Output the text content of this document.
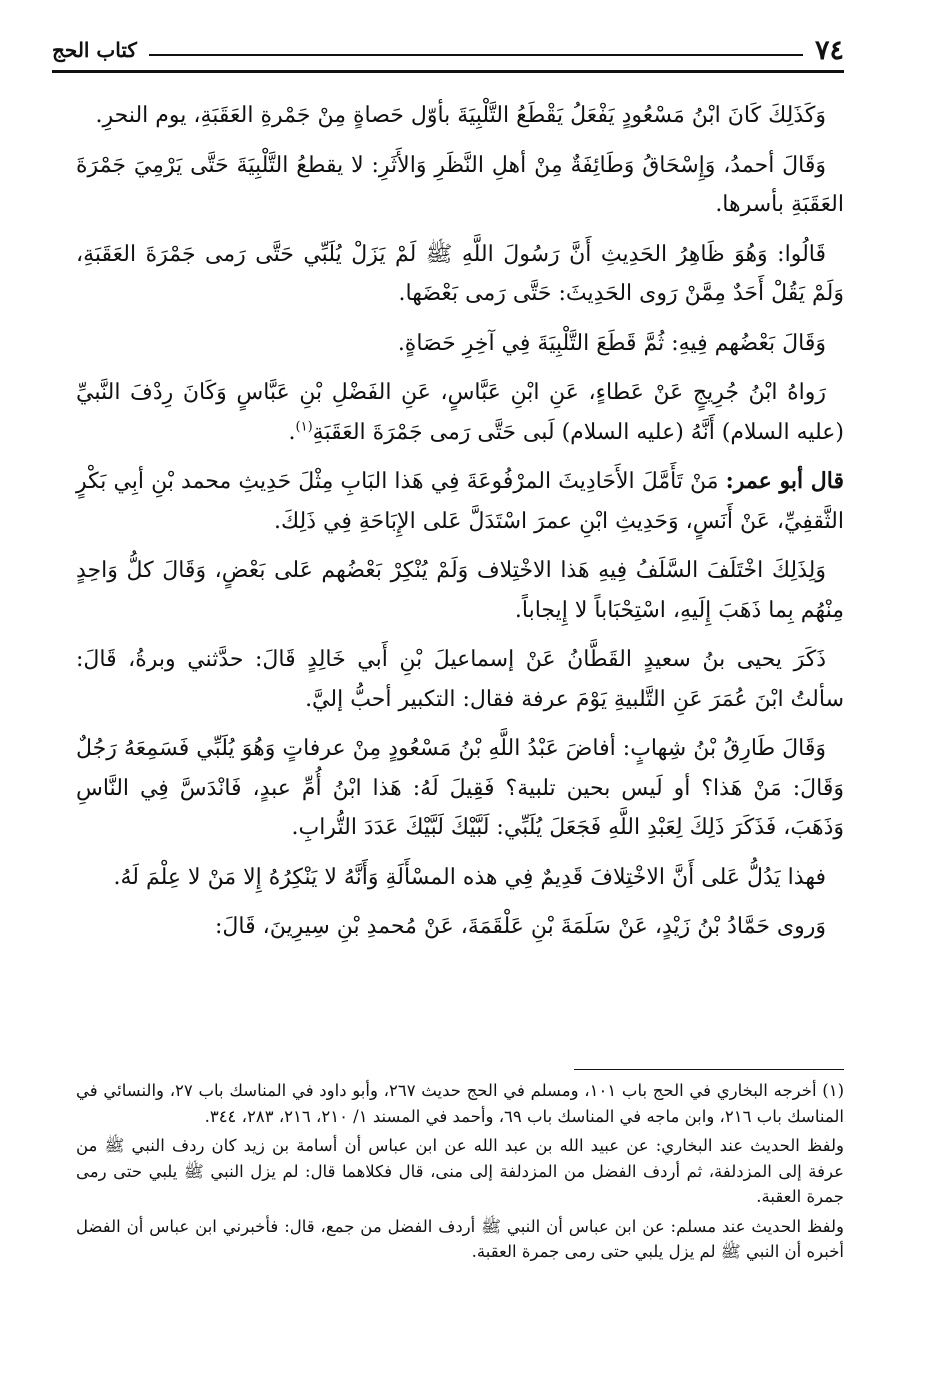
٧٤
كتاب الحج

وَكَذَلِكَ كَانَ ابْنُ مَسْعُودٍ يَفْعَلُ يَقْطَعُ التَّلْبِيَةَ بأوّل حَصاةٍ مِنْ جَمْرةِ العَقَبَةِ، يوم النحرِ.

وَقَالَ أحمدُ، وَإِسْحَاقُ وَطَائِفَةٌ مِنْ أهلِ النَّظَرِ وَالأَثَرِ: لا يقطعُ التَّلْبِيَةَ حَتَّى يَرْمِيَ جَمْرَةَ العَقَبَةِ بأسرها.

قَالُوا: وَهُوَ ظَاهِرُ الحَدِيثِ أَنَّ رَسُولَ اللَّهِ ﷺ لَمْ يَزَلْ يُلَبِّي حَتَّى رَمى جَمْرَةَ العَقَبَةِ، وَلَمْ يَقُلْ أَحَدٌ مِمَّنْ رَوى الحَدِيثَ: حَتَّى رَمى بَعْضَها.

وَقَالَ بَعْضُهم فِيهِ: ثُمَّ قَطَعَ التَّلْبِيَةَ فِي آخِرِ حَصَاةٍ.

رَواهُ ابْنُ جُرِيجٍ عَنْ عَطاءٍ، عَنِ ابْنِ عَبَّاسٍ، عَنِ الفَضْلِ بْنِ عَبَّاسٍ وَكَانَ رِدْفَ النَّبيِّ (عليه السلام) أَنَّهُ (عليه السلام) لَبى حَتَّى رَمى جَمْرَةَ العَقَبَةِ$^{(١)}$.

قال أبو عمر: مَنْ تَأَمَّلَ الأَحَادِيثَ المرْفُوعَةَ فِي هَذا البَابِ مِثْلَ حَدِيثِ محمد بْنِ أبِي بَكْرٍ الثَّقفِيِّ، عَنْ أَنَسٍ، وَحَدِيثِ ابْنِ عمرَ اسْتَدَلَّ عَلى الإِبَاحَةِ فِي ذَلِكَ.

وَلِذَلِكَ اخْتَلَفَ السَّلَفُ فِيهِ هَذا الاخْتِلاف وَلَمْ يُنْكِرْ بَعْضُهم عَلى بَعْضٍ، وَقَالَ كلُّ وَاحِدٍ مِنْهُم بِما ذَهَبَ إِلَيهِ، اسْتِحْبَاباً لا إِيجاباً.

ذَكَرَ يحيى بنُ سعيدٍ القَطَّانُ عَنْ إسماعيلَ بْنِ أَبي خَالِدٍ قَالَ: حدَّثني وبرةُ، قَالَ: سألتُ ابْنَ عُمَرَ عَنِ التَّلبيةِ يَوْمَ عرفة فقال: التكبير أحبُّ إليَّ.

وَقَالَ طَارِقُ بْنُ شِهابٍ: أفاضَ عَبْدُ اللَّهِ بْنُ مَسْعُودٍ مِنْ عرفاتٍ وَهُوَ يُلَبِّي فَسَمِعَهُ رَجُلٌ وَقَالَ: مَنْ هَذا؟ أو لَيس بحين تلبية؟ فَقِيلَ لَهُ: هَذا ابْنُ أُمِّ عبدٍ، فَانْدَسَّ فِي النَّاسِ وَذَهَبَ، فَذَكَرَ ذَلِكَ لِعَبْدِ اللَّهِ فَجَعَلَ يُلَبِّي: لَبَّيْكَ لَبَّيْكَ عَدَدَ التُّرابِ.

فهذا يَدُلُّ عَلى أَنَّ الاخْتِلافَ قَدِيمٌ فِي هذه المسْأَلَةِ وَأَنَّهُ لا يَنْكِرُهُ إِلا مَنْ لا عِلْمَ لَهُ.

وَروى حَمَّادُ بْنُ زَيْدٍ، عَنْ سَلَمَةَ بْنِ عَلْقَمَةَ، عَنْ مُحمدِ بْنِ سِيرِينَ، قَالَ:

(١) أخرجه البخاري في الحج باب ١٠١، ومسلم في الحج حديث ٢٦٧، وأبو داود في المناسك باب ٢٧، والنسائي في المناسك باب ٢١٦، وابن ماجه في المناسك باب ٦٩، وأحمد في المسند ١/ ٢١٠، ٢١٦، ٢٨٣، ٣٤٤.

ولفظ الحديث عند البخاري: عن عبيد الله بن عبد الله عن ابن عباس أن أسامة بن زيد كان ردف النبي ﷺ من عرفة إلى المزدلفة، ثم أردف الفضل من المزدلفة إلى منى، قال فكلاهما قال: لم يزل النبي ﷺ يلبي حتى رمى جمرة العقبة.

ولفظ الحديث عند مسلم: عن ابن عباس أن النبي ﷺ أردف الفضل من جمع، قال: فأخبرني ابن عباس أن الفضل أخبره أن النبي ﷺ لم يزل يلبي حتى رمى جمرة العقبة.
